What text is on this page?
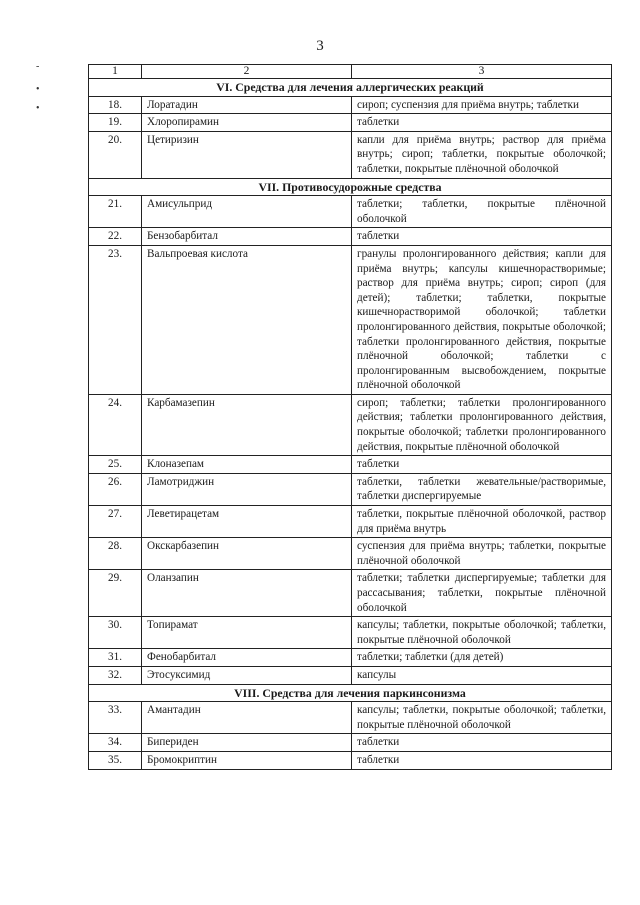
3
-
•
•
1	2	3
VI. Средства для лечения аллергических реакций		
18.	Лоратадин	сироп; суспензия для приёма внутрь; таблетки
19.	Хлоропирамин	таблетки
20.	Цетиризин	капли для приёма внутрь; раствор для приёма внутрь; сироп; таблетки, покрытые оболочкой; таблетки, покрытые плёночной оболочкой
VII. Противосудорожные средства		
21.	Амисульприд	таблетки; таблетки, покрытые плёночной оболочкой
22.	Бензобарбитал	таблетки
23.	Вальпроевая кислота	гранулы пролонгированного действия; капли для приёма внутрь; капсулы кишечнорастворимые; раствор для приёма внутрь; сироп; сироп (для детей); таблетки; таблетки, покрытые кишечнорастворимой оболочкой; таблетки пролонгированного действия, покрытые оболочкой; таблетки пролонгированного действия, покрытые плёночной оболочкой; таблетки с пролонгированным высвобождением, покрытые плёночной оболочкой
24.	Карбамазепин	сироп; таблетки; таблетки пролонгированного действия; таблетки пролонгированного действия, покрытые оболочкой; таблетки пролонгированного действия, покрытые плёночной оболочкой
25.	Клоназепам	таблетки
26.	Ламотриджин	таблетки, таблетки жевательные/растворимые, таблетки диспергируемые
27.	Леветирацетам	таблетки, покрытые плёночной оболочкой, раствор для приёма внутрь
28.	Окскарбазепин	суспензия для приёма внутрь; таблетки, покрытые плёночной оболочкой
29.	Оланзапин	таблетки; таблетки диспергируемые; таблетки для рассасывания; таблетки, покрытые плёночной оболочкой
30.	Топирамат	капсулы; таблетки, покрытые оболочкой; таблетки, покрытые плёночной оболочкой
31.	Фенобарбитал	таблетки; таблетки (для детей)
32.	Этосуксимид	капсулы
VIII. Средства для лечения паркинсонизма		
33.	Амантадин	капсулы; таблетки, покрытые оболочкой; таблетки, покрытые плёночной оболочкой
34.	Бипериден	таблетки
35.	Бромокриптин	таблетки
